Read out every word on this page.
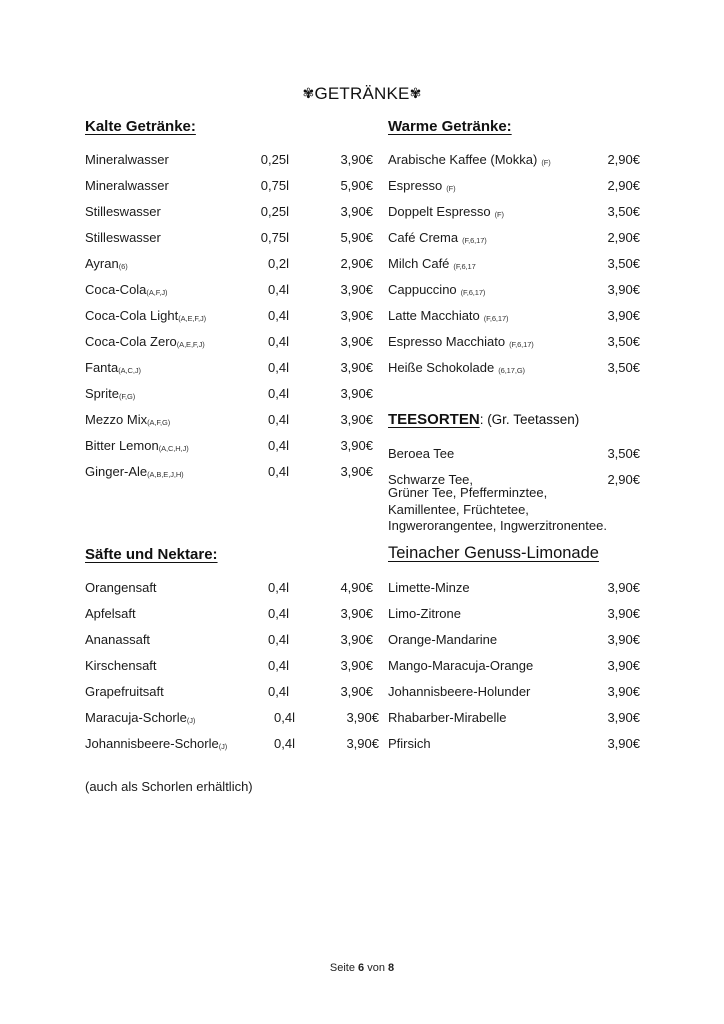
✾GETRÄNKE✾
Kalte Getränke:
Mineralwasser	0,25l	3,90€
Mineralwasser	0,75l	5,90€
Stilleswasser	0,25l	3,90€
Stilleswasser	0,75l	5,90€
Ayran(6)	0,2l	2,90€
Coca-Cola(A,F,J)	0,4l	3,90€
Coca-Cola Light(A,E,F,J)	0,4l	3,90€
Coca-Cola Zero(A,E,F,J)	0,4l	3,90€
Fanta(A,C,J)	0,4l	3,90€
Sprite(F,G)	0,4l	3,90€
Mezzo Mix(A,F,G)	0,4l	3,90€
Bitter Lemon(A,C,H,J)	0,4l	3,90€
Ginger-Ale(A,B,E,J,H)	0,4l	3,90€
Säfte und Nektare:
Orangensaft	0,4l	4,90€
Apfelsaft	0,4l	3,90€
Ananassaft	0,4l	3,90€
Kirschensaft	0,4l	3,90€
Grapefruitsaft	0,4l	3,90€
Maracuja-Schorle(J)	0,4l	3,90€
Johannisbeere-Schorle(J)	0,4l	3,90€
(auch als Schorlen erhältlich)
Warme Getränke:
Arabische Kaffee (Mokka) (F)	2,90€
Espresso (F)	2,90€
Doppelt Espresso (F)	3,50€
Café Crema (F,6,17)	2,90€
Milch Café (F,6,17	3,50€
Cappuccino (F,6,17)	3,90€
Latte Macchiato (F,6,17)	3,90€
Espresso Macchiato (F,6,17)	3,50€
Heiße Schokolade (6,17,G)	3,50€
TEESORTEN: (Gr. Teetassen)
Beroea Tee	3,50€
Schwarze Tee,	2,90€
Grüner Tee, Pfefferminztee,
Kamillentee, Früchtetee,
Ingwerorangentee, Ingwerzitronentee.
Teinacher Genuss-Limonade
Limette-Minze	3,90€
Limo-Zitrone	3,90€
Orange-Mandarine	3,90€
Mango-Maracuja-Orange	3,90€
Johannisbeere-Holunder	3,90€
Rhabarber-Mirabelle	3,90€
Pfirsich	3,90€
Seite 6 von 8
